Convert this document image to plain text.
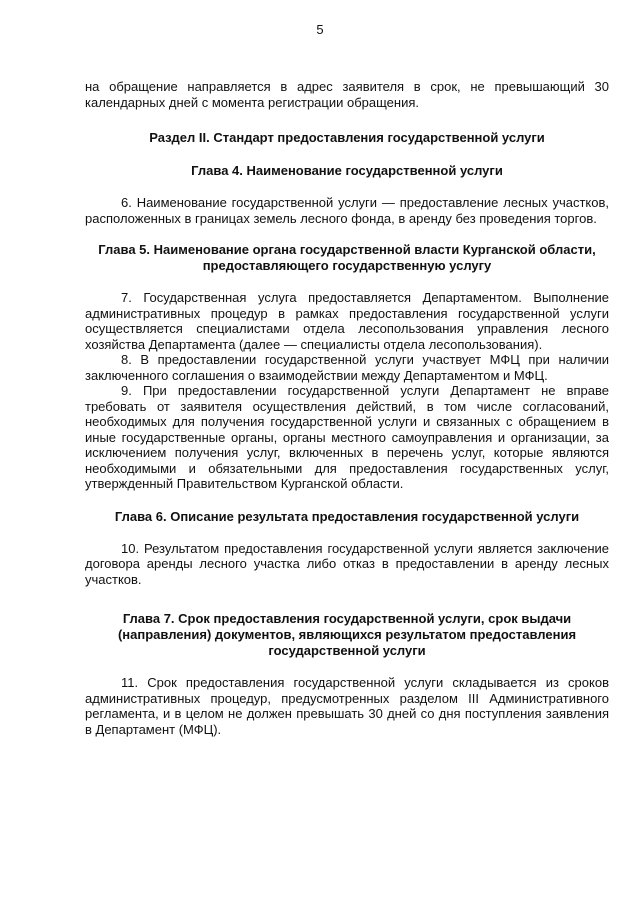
5

на обращение направляется в адрес заявителя в срок, не превышающий 30 календарных дней с момента регистрации обращения.

Раздел II. Стандарт предоставления государственной услуги

Глава 4. Наименование государственной услуги

6. Наименование государственной услуги — предоставление лесных участков, расположенных в границах земель лесного фонда, в аренду без проведения торгов.

Глава 5. Наименование органа государственной власти Курганской области, предоставляющего государственную услугу

7. Государственная услуга предоставляется Департаментом. Выполнение административных процедур в рамках предоставления государственной услуги осуществляется специалистами отдела лесопользования управления лесного хозяйства Департамента (далее — специалисты отдела лесопользования).

8. В предоставлении государственной услуги участвует МФЦ при наличии заключенного соглашения о взаимодействии между Департаментом и МФЦ.

9. При предоставлении государственной услуги Департамент не вправе требовать от заявителя осуществления действий, в том числе согласований, необходимых для получения государственной услуги и связанных с обращением в иные государственные органы, органы местного самоуправления и организации, за исключением получения услуг, включенных в перечень услуг, которые являются необходимыми и обязательными для предоставления государственных услуг, утвержденный Правительством Курганской области.

Глава 6. Описание результата предоставления государственной услуги

10. Результатом предоставления государственной услуги является заключение договора аренды лесного участка либо отказ в предоставлении в аренду лесных участков.

Глава 7. Срок предоставления государственной услуги, срок выдачи (направления) документов, являющихся результатом предоставления государственной услуги

11. Срок предоставления государственной услуги складывается из сроков административных процедур, предусмотренных разделом III Административного регламента, и в целом не должен превышать 30 дней со дня поступления заявления в Департамент (МФЦ).
